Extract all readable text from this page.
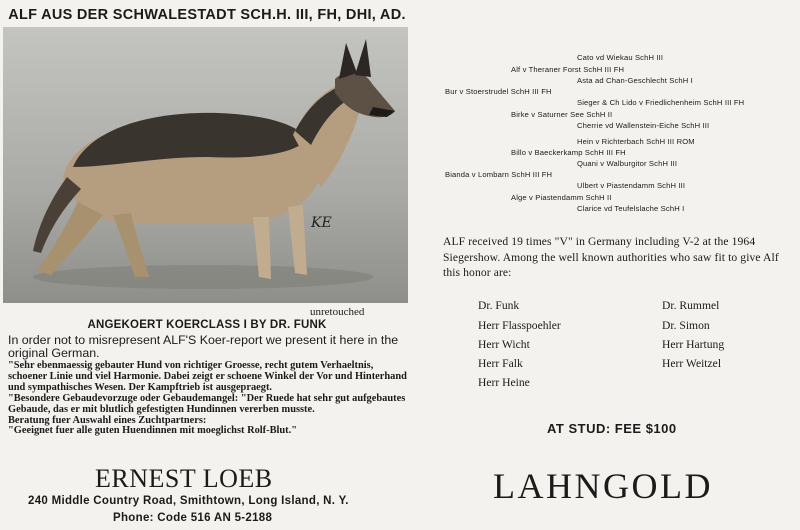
ALF AUS DER SCHWALESTADT SCH.H. III, FH, DHI, AD.
KE
unretouched
ANGEKOERT KOERCLASS I BY DR. FUNK
In order not to misrepresent ALF'S Koer-report we present it here in the original German.

"Sehr ebenmaessig gebauter Hund von richtiger Groesse, recht gutem Verhaeltnis, schoener Linie und viel Harmonie. Dabei zeigt er schoene Winkel der Vor und Hinterhand und sympathisches Wesen. Der Kampftrieb ist ausgepraegt.

"Besondere Gebaudevorzuge oder Gebaudemangel: "Der Ruede hat sehr gut aufgebautes Gebaude, das er mit blutlich gefestigten Hundinnen vererben musste.

Beratung fuer Auswahl eines Zuchtpartners:

"Geeignet fuer alle guten Huendinnen mit moeglichst Rolf-Blut."

ERNEST LOEB
240 Middle Country Road, Smithtown, Long Island, N. Y.
Phone: Code 516 AN 5-2188
Cato vd Wiekau SchH III
Alf v Theraner Forst SchH III FH
Asta ad Chan-Geschlecht SchH I
Bur v Stoerstrudel SchH III FH
Sieger & Ch Lido v Friedlichenheim SchH III FH
Birke v Saturner See SchH II
Cherrie vd Wallenstein-Eiche SchH III
Hein v Richterbach SchH III ROM
Billo v Baeckerkamp SchH III FH
Quani v Walburgitor SchH III
Bianda v Lombarn SchH III FH
Ulbert v Piastendamm SchH III
Alge v Piastendamm SchH II
Clarice vd Teufelslache SchH I
ALF received 19 times "V" in Germany including V-2 at the 1964 Siegershow. Among the well known authorities who saw fit to give Alf this honor are:
Dr. Funk
Herr Flasspoehler
Herr Wicht
Herr Falk
Herr Heine
Dr. Rummel
Dr. Simon
Herr Hartung
Herr Weitzel
AT STUD: FEE $100
LAHNGOLD
